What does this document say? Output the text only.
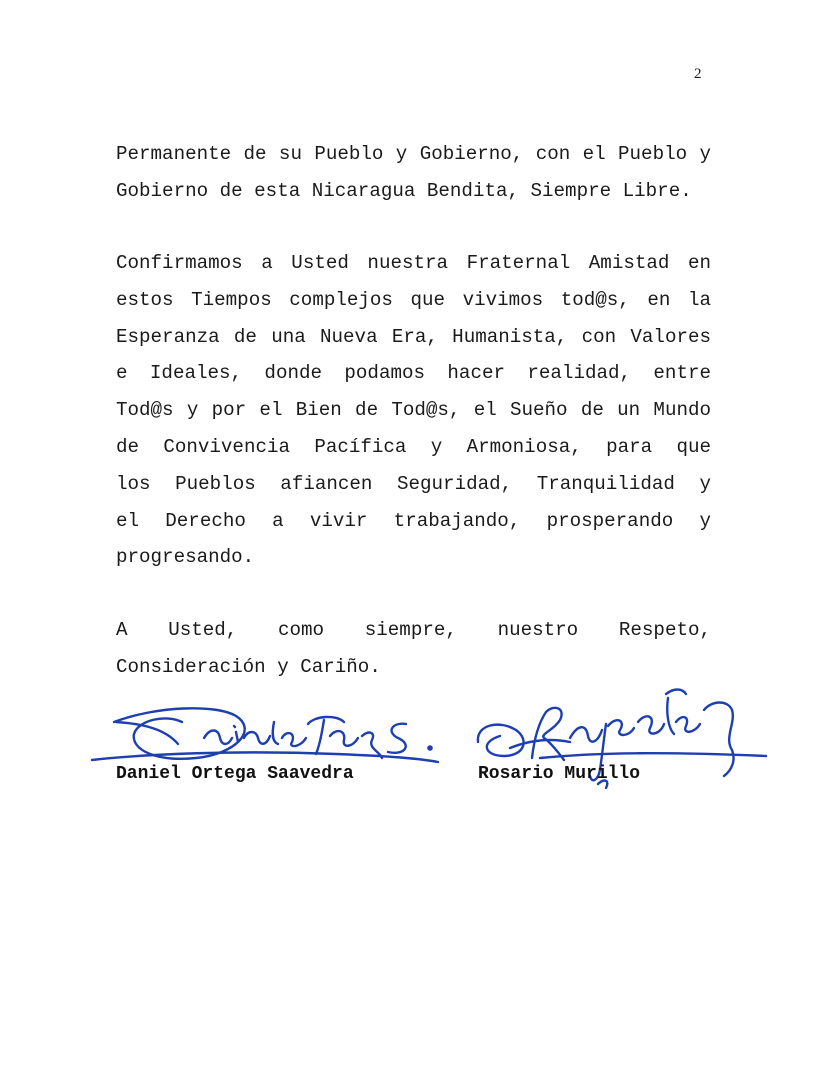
2
Permanente de su Pueblo y Gobierno, con el Pueblo y
Gobierno de esta Nicaragua Bendita, Siempre Libre.
Confirmamos a Usted nuestra Fraternal Amistad en
estos Tiempos complejos que vivimos tod@s, en la
Esperanza de una Nueva Era, Humanista, con Valores
e Ideales, donde podamos hacer realidad, entre
Tod@s y por el Bien de Tod@s, el Sueño de un Mundo
de Convivencia Pacífica y Armoniosa, para que
los Pueblos afiancen Seguridad, Tranquilidad y
el Derecho a vivir trabajando, prosperando y
progresando.
A Usted, como siempre, nuestro Respeto,
Consideración y Cariño.
Daniel Ortega Saavedra	Rosario Murillo
